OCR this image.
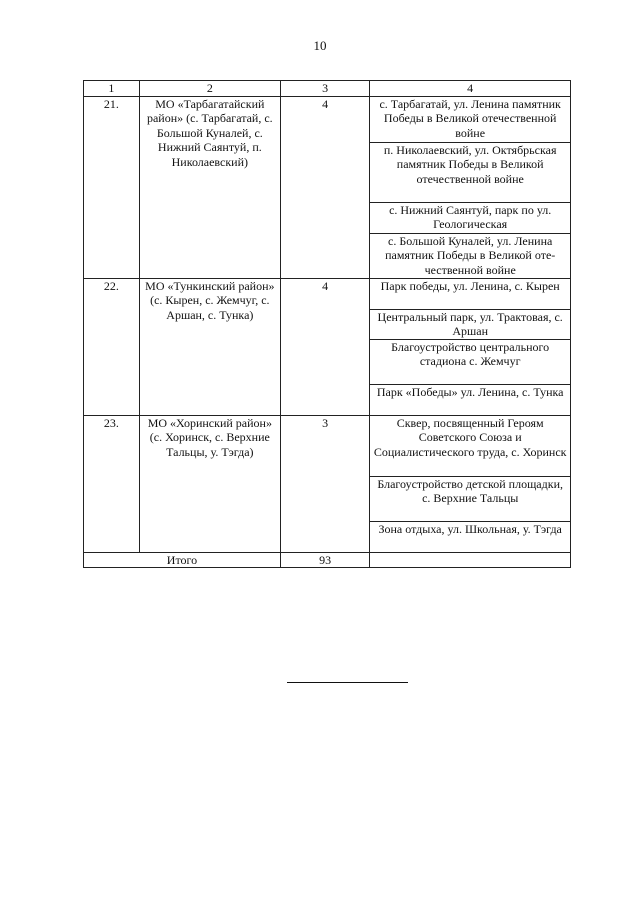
10
1	2	3	4
21.	МО «Тарбагатайский район» (с. Тарбагатай, с. Большой Куналей, с. Нижний Саянтуй, п. Николаевский)	4	с. Тарбагатай, ул. Ленина памятник Победы в Великой отечественной войне
			п. Николаевский, ул. Октябрьская памятник Победы в Великой отечественной войне
			с. Нижний Саянтуй, парк по ул. Геологическая
			с. Большой Куналей, ул. Ленина памятник Победы в Великой оте-чественной войне
22.	МО «Тункинский район» (с. Кырен, с. Жемчуг, с. Аршан, с. Тунка)	4	Парк победы, ул. Ленина, с. Кырен
			Центральный парк, ул. Трактовая, с. Аршан
			Благоустройство центрального стадиона с. Жемчуг
			Парк «Победы» ул. Ленина, с. Тунка
23.	МО «Хоринский район» (с. Хоринск, с. Верхние Тальцы, у. Тэгда)	3	Сквер, посвященный Героям Советского Союза и Социалистического труда, с. Хоринск
			Благоустройство детской площадки, с. Верхние Тальцы
			Зона отдыха, ул. Школьная, у. Тэгда
Итого		93	
